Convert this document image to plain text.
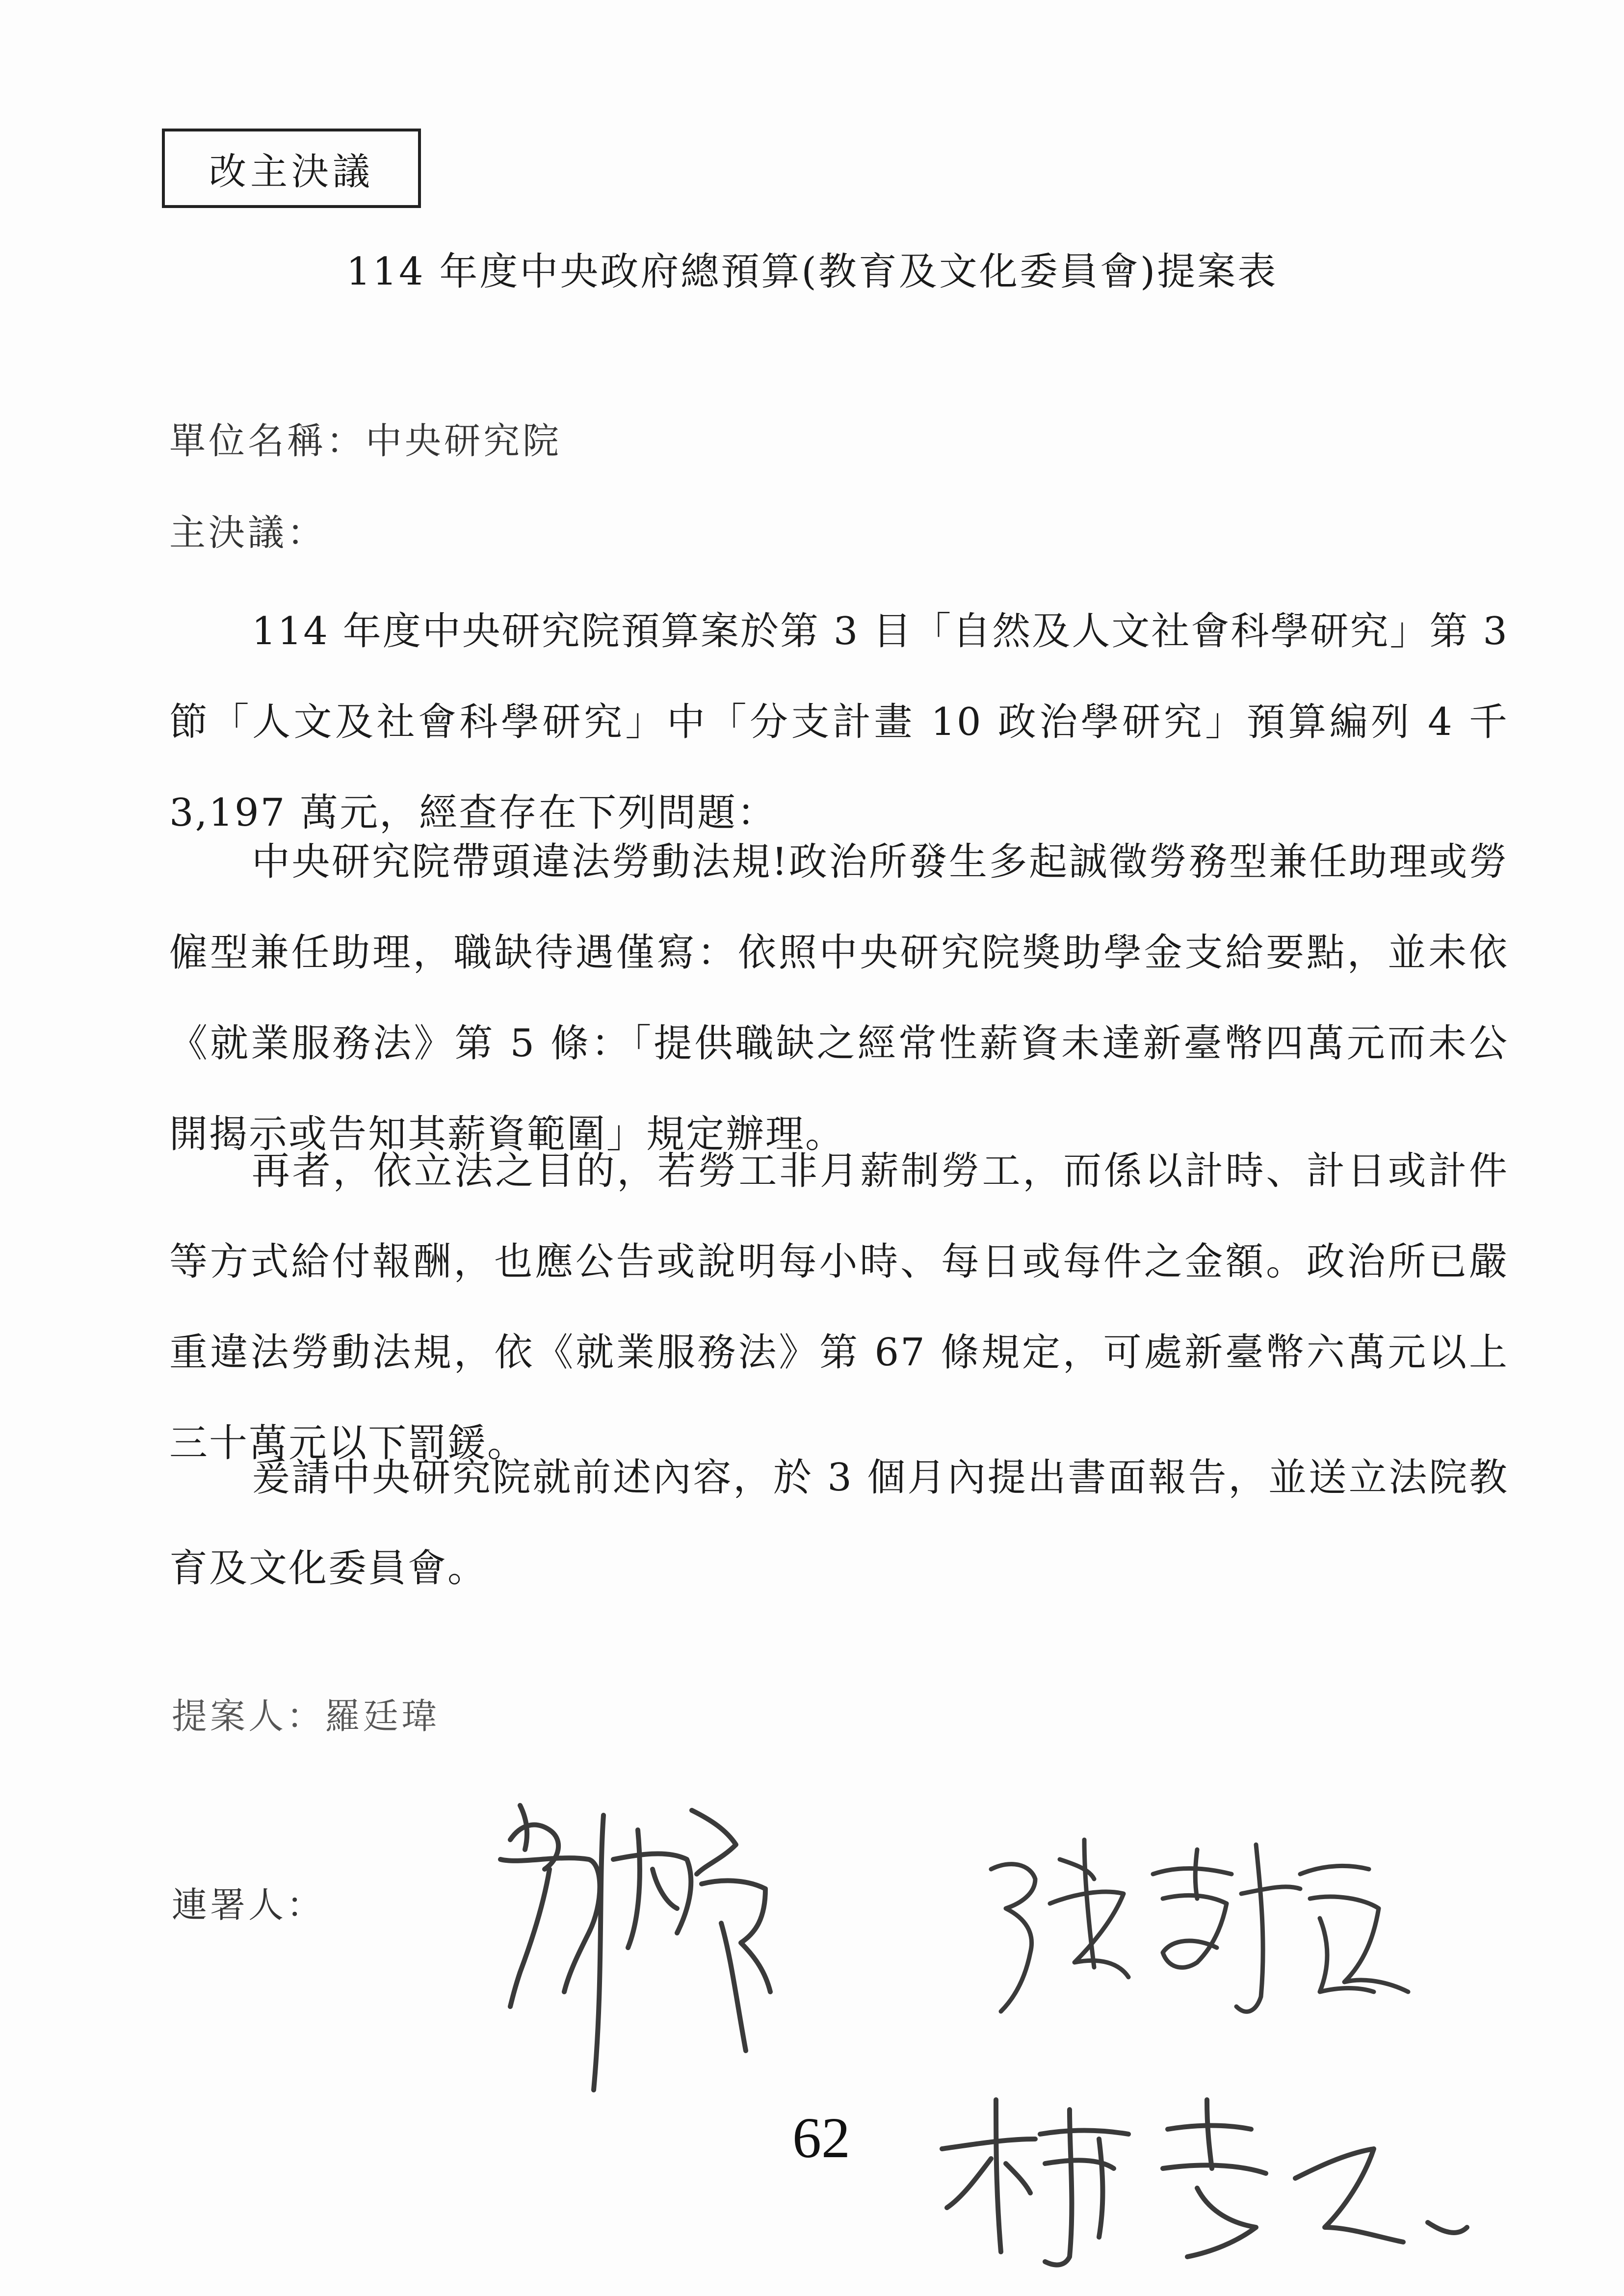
改主決議
114 年度中央政府總預算(教育及文化委員會)提案表
單位名稱：中央研究院
主決議：

114 年度中央研究院預算案於第 3 目「自然及人文社會科學研究」第 3 節「人文及社會科學研究」中「分支計畫 10 政治學研究」預算編列 4 千 3,197 萬元，經查存在下列問題：

中央研究院帶頭違法勞動法規!政治所發生多起誠徵勞務型兼任助理或勞僱型兼任助理，職缺待遇僅寫：依照中央研究院獎助學金支給要點，並未依《就業服務法》第 5 條：「提供職缺之經常性薪資未達新臺幣四萬元而未公開揭示或告知其薪資範圍」規定辦理。

再者，依立法之目的，若勞工非月薪制勞工，而係以計時、計日或計件等方式給付報酬，也應公告或說明每小時、每日或每件之金額。政治所已嚴重違法勞動法規，依《就業服務法》第 67 條規定，可處新臺幣六萬元以上三十萬元以下罰鍰。

爰請中央研究院就前述內容，於 3 個月內提出書面報告，並送立法院教育及文化委員會。

提案人：羅廷瑋
連署人：
62
